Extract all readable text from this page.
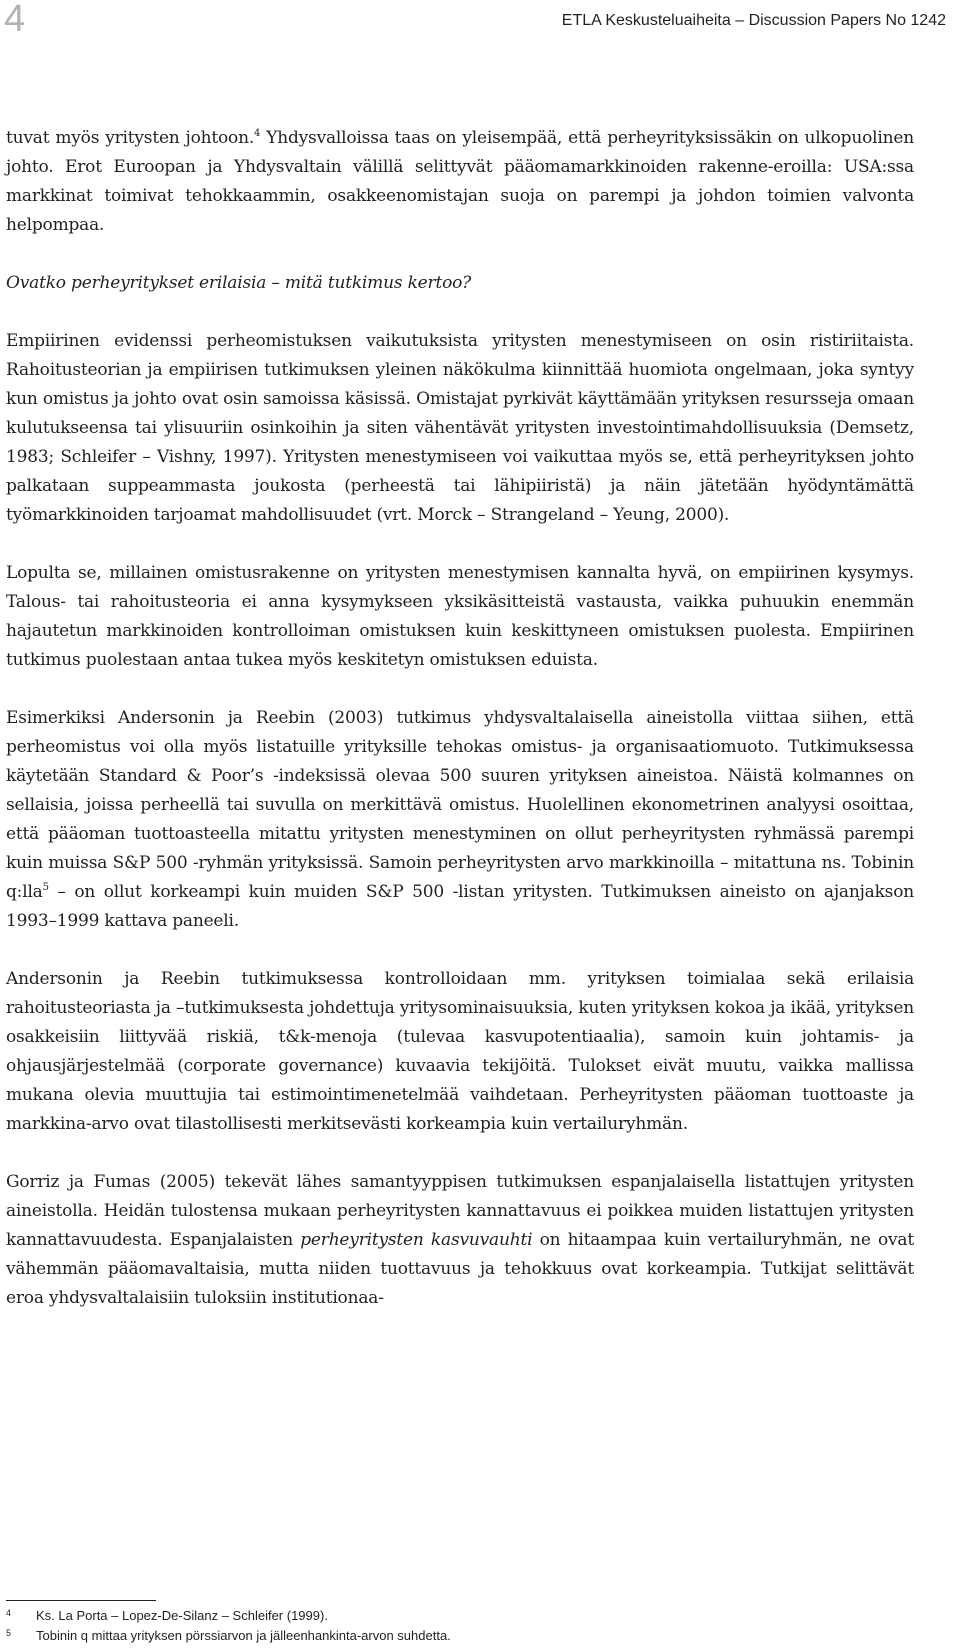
4	ETLA Keskusteluaiheita – Discussion Papers No 1242

tuvat myös yritysten johtoon.$^4$ Yhdysvalloissa taas on yleisempää, että perheyrityksissäkin on ulkopuolinen johto. Erot Euroopan ja Yhdysvaltain välillä selittyvät pääomamarkkinoiden rakenne-eroilla: USA:ssa markkinat toimivat tehokkaammin, osakkeenomistajan suoja on parempi ja johdon toimien valvonta helpompaa.

Ovatko perheyritykset erilaisia – mitä tutkimus kertoo?

Empiirinen evidenssi perheomistuksen vaikutuksista yritysten menestymiseen on osin ristiriitaista. Rahoitusteorian ja empiirisen tutkimuksen yleinen näkökulma kiinnittää huomiota ongelmaan, joka syntyy kun omistus ja johto ovat osin samoissa käsissä. Omistajat pyrkivät käyttämään yrityksen resursseja omaan kulutukseensa tai ylisuuriin osinkoihin ja siten vähentävät yritysten investointimahdollisuuksia (Demsetz, 1983; Schleifer – Vishny, 1997). Yritysten menestymiseen voi vaikuttaa myös se, että perheyrityksen johto palkataan suppeammasta joukosta (perheestä tai lähipiiristä) ja näin jätetään hyödyntämättä työmarkkinoiden tarjoamat mahdollisuudet (vrt. Morck – Strangeland – Yeung, 2000).

Lopulta se, millainen omistusrakenne on yritysten menestymisen kannalta hyvä, on empiirinen kysymys. Talous- tai rahoitusteoria ei anna kysymykseen yksikäsitteistä vastausta, vaikka puhuukin enemmän hajautetun markkinoiden kontrolloiman omistuksen kuin keskittyneen omistuksen puolesta. Empiirinen tutkimus puolestaan antaa tukea myös keskitetyn omistuksen eduista.

Esimerkiksi Andersonin ja Reebin (2003) tutkimus yhdysvaltalaisella aineistolla viittaa siihen, että perheomistus voi olla myös listatuille yrityksille tehokas omistus- ja organisaatiomuoto. Tutkimuksessa käytetään Standard & Poor’s -indeksissä olevaa 500 suuren yrityksen aineistoa. Näistä kolmannes on sellaisia, joissa perheellä tai suvulla on merkittävä omistus. Huolellinen ekonometrinen analyysi osoittaa, että pääoman tuottoasteella mitattu yritysten menestyminen on ollut perheyritysten ryhmässä parempi kuin muissa S&P 500 -ryhmän yrityksissä. Samoin perheyritysten arvo markkinoilla – mitattuna ns. Tobinin q:lla$^5$ – on ollut korkeampi kuin muiden S&P 500 -listan yritysten. Tutkimuksen aineisto on ajanjakson 1993–1999 kattava paneeli.

Andersonin ja Reebin tutkimuksessa kontrolloidaan mm. yrityksen toimialaa sekä erilaisia rahoitusteoriasta ja –tutkimuksesta johdettuja yritysominaisuuksia, kuten yrityksen kokoa ja ikää, yrityksen osakkeisiin liittyvää riskiä, t&k-menoja (tulevaa kasvupotentiaalia), samoin kuin johtamis- ja ohjausjärjestelmää (corporate governance) kuvaavia tekijöitä. Tulokset eivät muutu, vaikka mallissa mukana olevia muuttujia tai estimointimenetelmää vaihdetaan. Perheyritysten pääoman tuottoaste ja markkina-arvo ovat tilastollisesti merkitsevästi korkeampia kuin vertailuryhmän.

Gorriz ja Fumas (2005) tekevät lähes samantyyppisen tutkimuksen espanjalaisella listattujen yritysten aineistolla. Heidän tulostensa mukaan perheyritysten kannattavuus ei poikkea muiden listattujen yritysten kannattavuudesta. Espanjalaisten perheyritysten kasvuvauhti on hitaampaa kuin vertailuryhmän, ne ovat vähemmän pääomavaltaisia, mutta niiden tuottavuus ja tehokkuus ovat korkeampia. Tutkijat selittävät eroa yhdysvaltalaisiin tuloksiin institutionaa-

4	Ks. La Porta – Lopez-De-Silanz – Schleifer (1999).
5	Tobinin q mittaa yrityksen pörssiarvon ja jälleenhankinta-arvon suhdetta.
